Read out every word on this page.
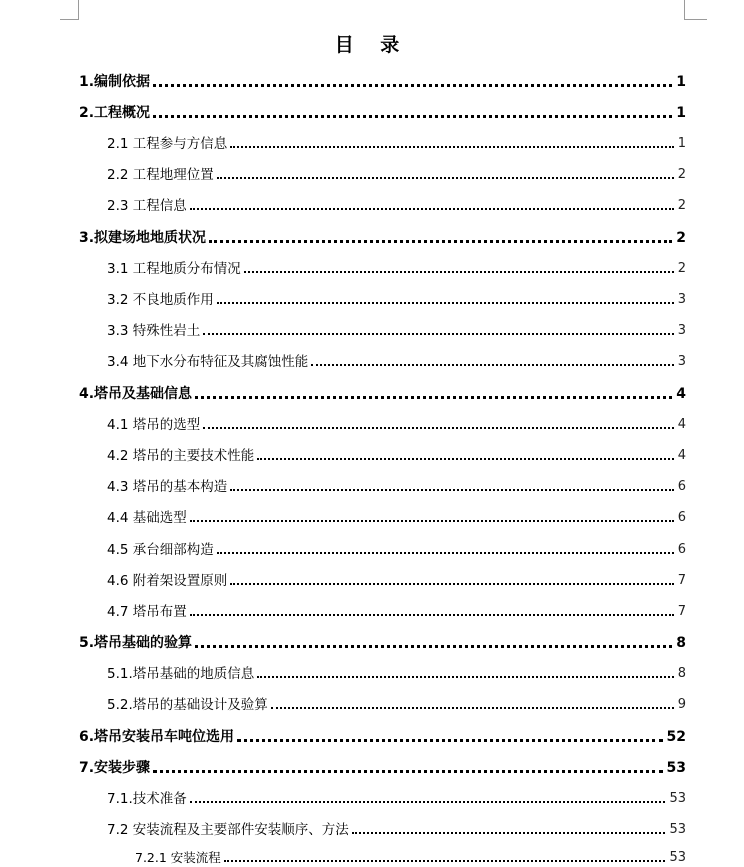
目 录
1.编制依据	1
2.工程概况	1
2.1 工程参与方信息	1
2.2 工程地理位置	2
2.3 工程信息	2
3.拟建场地地质状况	2
3.1 工程地质分布情况	2
3.2 不良地质作用	3
3.3 特殊性岩土	3
3.4 地下水分布特征及其腐蚀性能	3
4.塔吊及基础信息	4
4.1 塔吊的选型	4
4.2 塔吊的主要技术性能	4
4.3 塔吊的基本构造	6
4.4 基础选型	6
4.5 承台细部构造	6
4.6 附着架设置原则	7
4.7 塔吊布置	7
5.塔吊基础的验算	8
5.1.塔吊基础的地质信息	8
5.2.塔吊的基础设计及验算	9
6.塔吊安装吊车吨位选用	52
7.安装步骤	53
7.1.技术准备	53
7.2 安装流程及主要部件安装顺序、方法	53
7.2.1 安装流程	53
